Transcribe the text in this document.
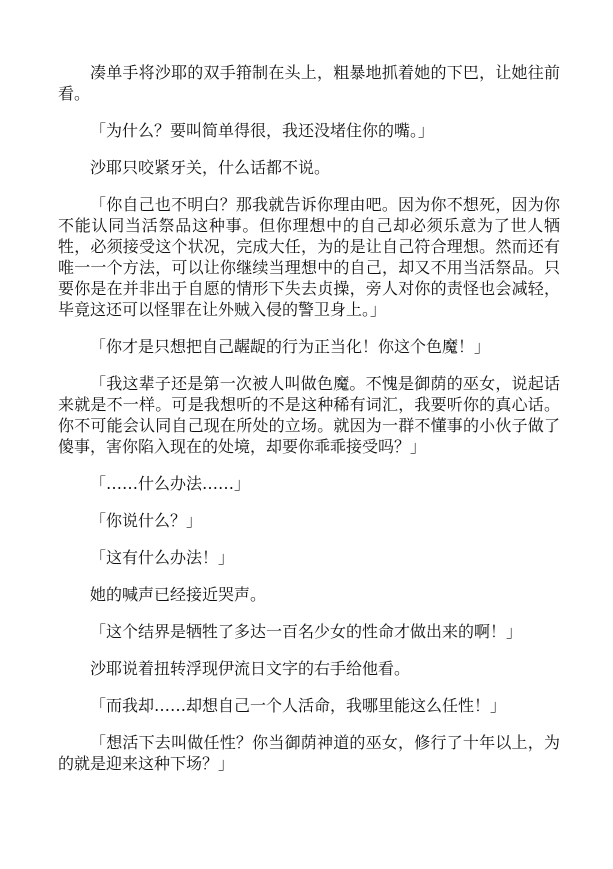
凑单手将沙耶的双手箝制在头上，粗暴地抓着她的下巴，让她往前看。

「为什么？要叫简单得很，我还没堵住你的嘴。」

沙耶只咬紧牙关，什么话都不说。

「你自己也不明白？那我就告诉你理由吧。因为你不想死，因为你不能认同当活祭品这种事。但你理想中的自己却必须乐意为了世人牺牲，必须接受这个状况，完成大任，为的是让自己符合理想。然而还有唯一一个方法，可以让你继续当理想中的自己，却又不用当活祭品。只要你是在并非出于自愿的情形下失去贞操，旁人对你的责怪也会减轻，毕竟这还可以怪罪在让外贼入侵的警卫身上。」

「你才是只想把自己龌龊的行为正当化！你这个色魔！」

「我这辈子还是第一次被人叫做色魔。不愧是御荫的巫女，说起话来就是不一样。可是我想听的不是这种稀有词汇，我要听你的真心话。你不可能会认同自己现在所处的立场。就因为一群不懂事的小伙子做了傻事，害你陷入现在的处境，却要你乖乖接受吗？」

「……什么办法……」

「你说什么？」

「这有什么办法！」

她的喊声已经接近哭声。

「这个结界是牺牲了多达一百名少女的性命才做出来的啊！」

沙耶说着扭转浮现伊流日文字的右手给他看。

「而我却……却想自己一个人活命，我哪里能这么任性！」

「想活下去叫做任性？你当御荫神道的巫女，修行了十年以上，为的就是迎来这种下场？」
